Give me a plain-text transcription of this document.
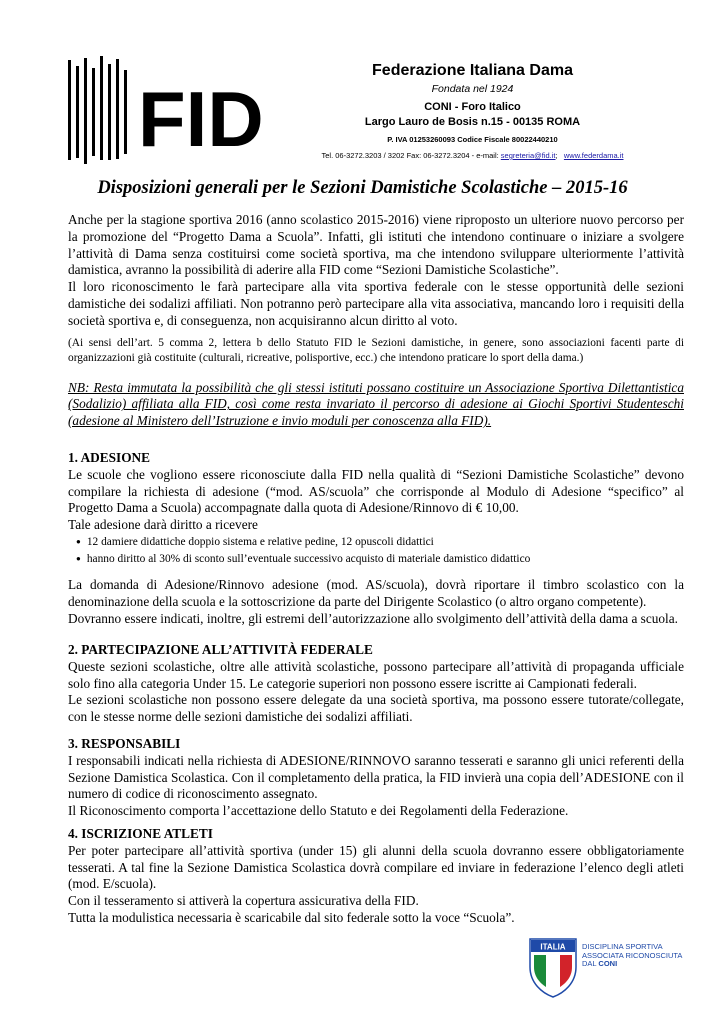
FID
Federazione Italiana Dama
Fondata nel 1924
CONI - Foro Italico
Largo Lauro de Bosis n.15 - 00135 ROMA
P. IVA 01253260093 Codice Fiscale 80022440210
Tel. 06-3272.3203 / 3202 Fax: 06-3272.3204 - e-mail: segreteria@fid.it; www.federdama.it
Disposizioni generali per le Sezioni Damistiche Scolastiche – 2015-16

Anche per la stagione sportiva 2016 (anno scolastico 2015-2016) viene riproposto un ulteriore nuovo percorso per la promozione del “Progetto Dama a Scuola”. Infatti, gli istituti che intendono continuare o iniziare a svolgere l’attività di Dama senza costituirsi come società sportiva, ma che intendono sviluppare ulteriormente l’attività damistica, avranno la possibilità di aderire alla FID come “Sezioni Damistiche Scolastiche”.

Il loro riconoscimento le farà partecipare alla vita sportiva federale con le stesse opportunità delle sezioni damistiche dei sodalizi affiliati. Non potranno però partecipare alla vita associativa, mancando loro i requisiti della società sportiva e, di conseguenza, non acquisiranno alcun diritto al voto.

(Ai sensi dell’art. 5 comma 2, lettera b dello Statuto FID le Sezioni damistiche, in genere, sono associazioni facenti parte di organizzazioni già costituite (culturali, ricreative, polisportive, ecc.) che intendono praticare lo sport della dama.)

NB: Resta immutata la possibilità che gli stessi istituti possano costituire un Associazione Sportiva Dilettantistica (Sodalizio) affiliata alla FID, così come resta invariato il percorso di adesione ai Giochi Sportivi Studenteschi (adesione al Ministero dell’Istruzione e invio moduli per conoscenza alla FID).

1. ADESIONE

Le scuole che vogliono essere riconosciute dalla FID nella qualità di “Sezioni Damistiche Scolastiche” devono compilare la richiesta di adesione (“mod. AS/scuola” che corrisponde al Modulo di Adesione “specifico” al Progetto Dama a Scuola) accompagnate dalla quota di Adesione/Rinnovo di € 10,00.

Tale adesione darà diritto a ricevere

● 12 damiere didattiche doppio sistema e relative pedine, 12 opuscoli didattici
● hanno diritto al 30% di sconto sull’eventuale successivo acquisto di materiale damistico didattico

La domanda di Adesione/Rinnovo adesione (mod. AS/scuola), dovrà riportare il timbro scolastico con la denominazione della scuola e la sottoscrizione da parte del Dirigente Scolastico (o altro organo competente).

Dovranno essere indicati, inoltre, gli estremi dell’autorizzazione allo svolgimento dell’attività della dama a scuola.

2. PARTECIPAZIONE ALL’ATTIVITÀ FEDERALE

Queste sezioni scolastiche, oltre alle attività scolastiche, possono partecipare all’attività di propaganda ufficiale solo fino alla categoria Under 15. Le categorie superiori non possono essere iscritte ai Campionati federali.

Le sezioni scolastiche non possono essere delegate da una società sportiva, ma possono essere tutorate/collegate, con le stesse norme delle sezioni damistiche dei sodalizi affiliati.

3. RESPONSABILI

I responsabili indicati nella richiesta di ADESIONE/RINNOVO saranno tesserati e saranno gli unici referenti della Sezione Damistica Scolastica. Con il completamento della pratica, la FID invierà una copia dell’ADESIONE con il numero di codice di riconoscimento assegnato.

Il Riconoscimento comporta l’accettazione dello Statuto e dei Regolamenti della Federazione.

4. ISCRIZIONE ATLETI

Per poter partecipare all’attività sportiva (under 15) gli alunni della scuola dovranno essere obbligatoriamente tesserati. A tal fine la Sezione Damistica Scolastica dovrà compilare ed inviare in federazione l’elenco degli atleti (mod. E/scuola).

Con il tesseramento si attiverà la copertura assicurativa della FID.

Tutta la modulistica necessaria è scaricabile dal sito federale sotto la voce “Scuola”.

ITALIA DISCIPLINA SPORTIVA
ASSOCIATA RICONOSCIUTA
DAL CONI
